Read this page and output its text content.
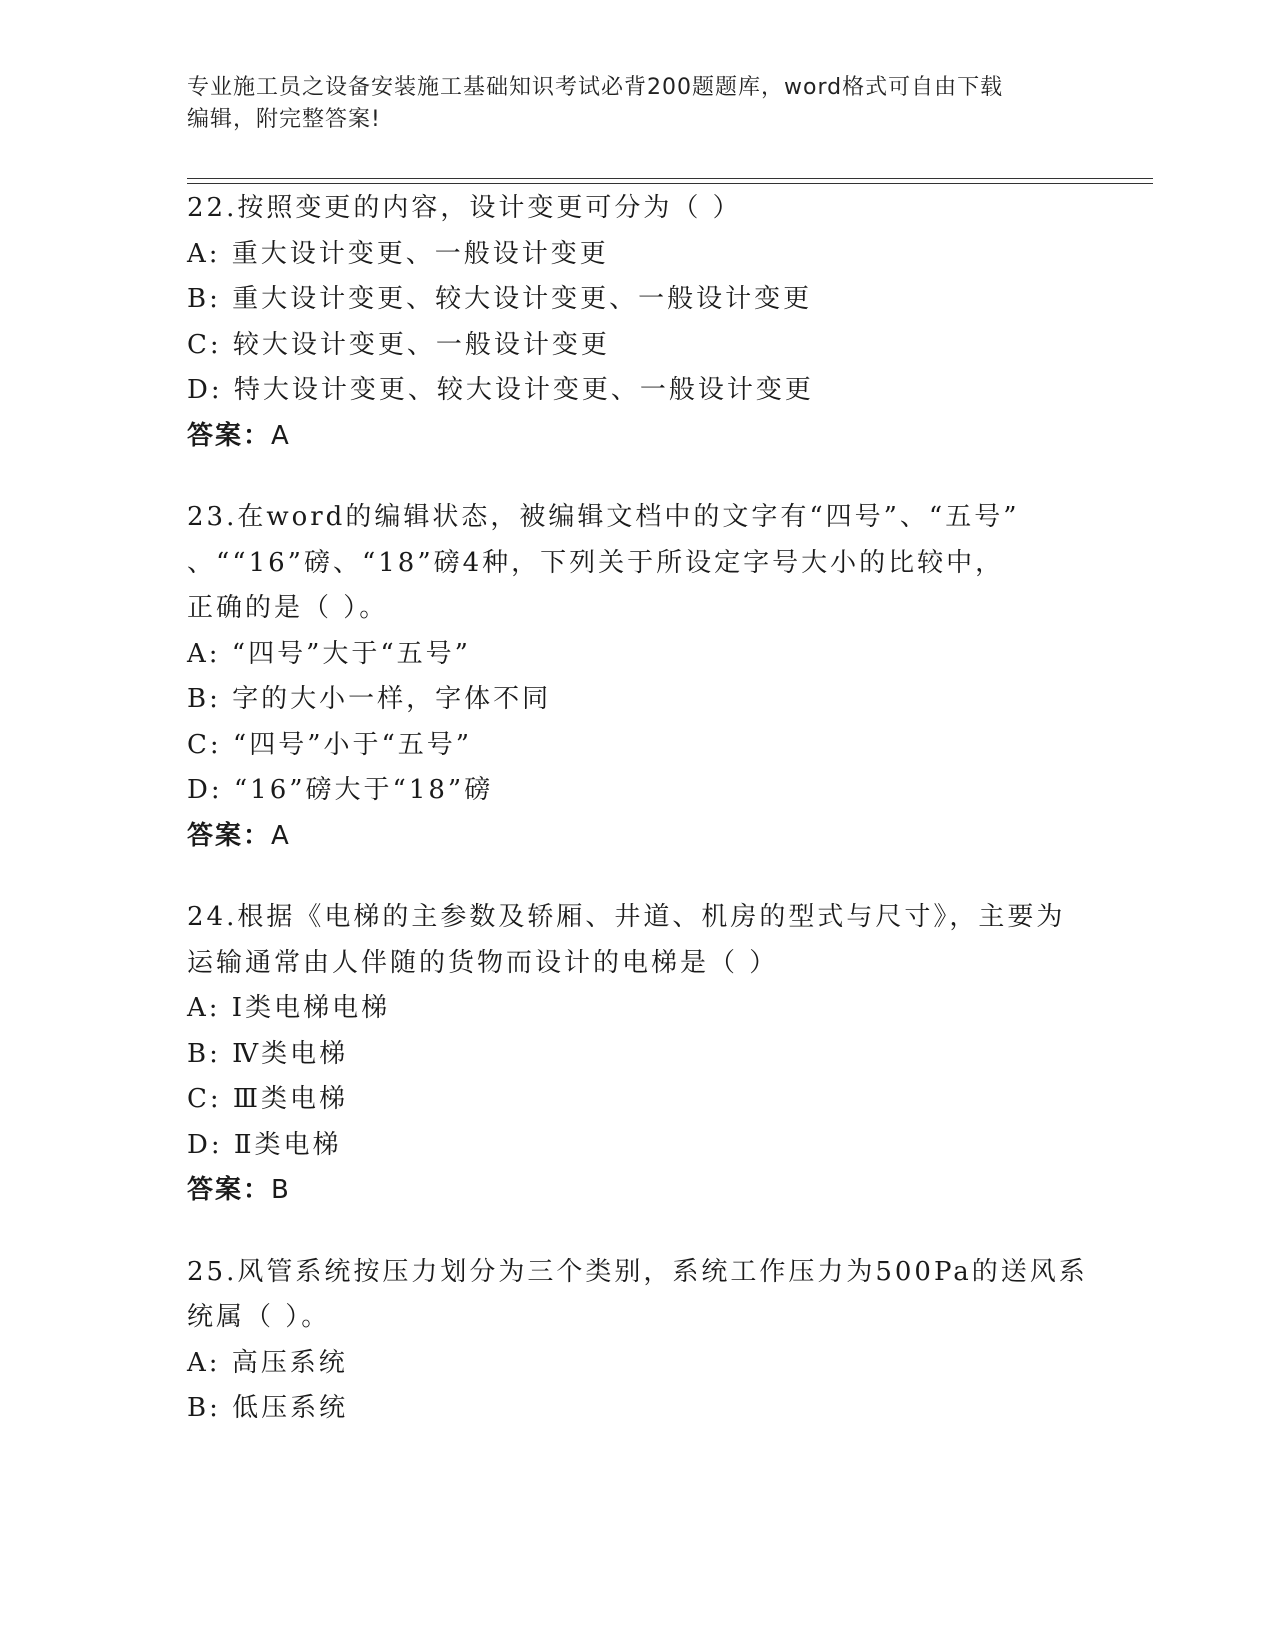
专业施工员之设备安装施工基础知识考试必背200题题库，word格式可自由下载
编辑，附完整答案!
22.按照变更的内容，设计变更可分为（ ）
A: 重大设计变更、一般设计变更
B: 重大设计变更、较大设计变更、一般设计变更
C: 较大设计变更、一般设计变更
D: 特大设计变更、较大设计变更、一般设计变更
答案：A
23.在word的编辑状态，被编辑文档中的文字有“四号”、“五号”
、““16”磅、“18”磅4种，下列关于所设定字号大小的比较中，
正确的是（ ）。
A: “四号”大于“五号”
B: 字的大小一样，字体不同
C: “四号”小于“五号”
D: “16”磅大于“18”磅
答案：A
24.根据《电梯的主参数及轿厢、井道、机房的型式与尺寸》，主要为
运输通常由人伴随的货物而设计的电梯是（ ）
A: Ⅰ类电梯电梯
B: Ⅳ类电梯
C: Ⅲ类电梯
D: Ⅱ类电梯
答案：B
25.风管系统按压力划分为三个类别，系统工作压力为500Pa的送风系
统属（ ）。
A: 高压系统
B: 低压系统
